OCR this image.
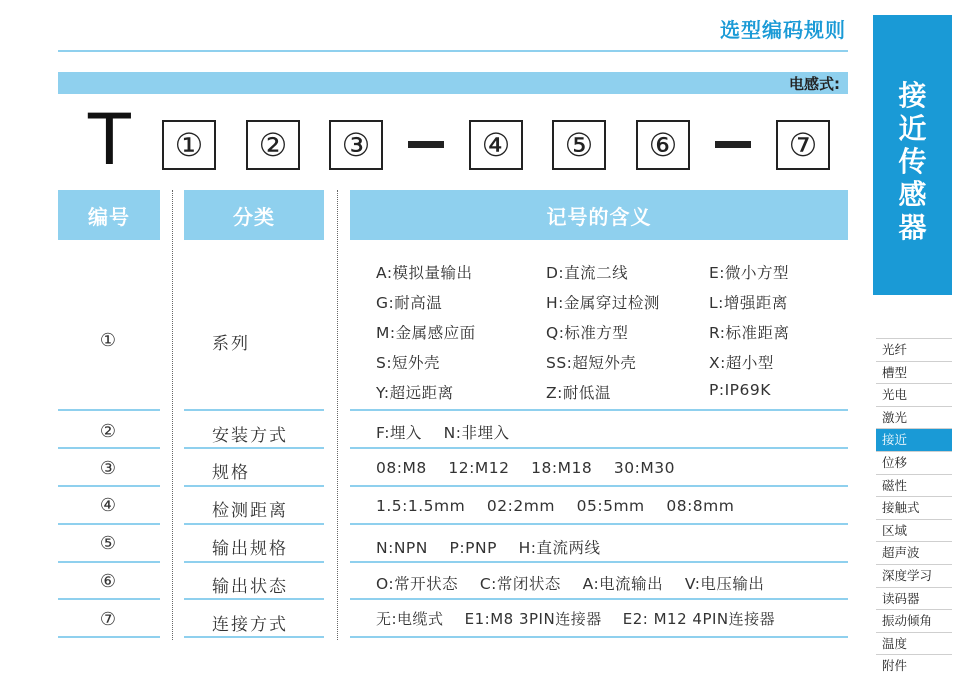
选型编码规则
电感式:
T	①	②	③	④	⑤	⑥	⑦
编号	分类	记号的含义
①	系列
A:模拟量输出	D:直流二线	E:微小方型
G:耐高温	H:金属穿过检测	L:增强距离
M:金属感应面	Q:标准方型	R:标准距离
S:短外壳	SS:超短外壳	X:超小型
Y:超远距离	Z:耐低温	P:IP69K
②	安装方式	F:埋入    N:非埋入
③	规格	08:M8    12:M12    18:M18    30:M30
④	检测距离	1.5:1.5mm    02:2mm    05:5mm    08:8mm
⑤	输出规格	N:NPN    P:PNP    H:直流两线
⑥	输出状态	O:常开状态    C:常闭状态    A:电流输出    V:电压输出
⑦	连接方式	无:电缆式    E1:M8 3PIN连接器    E2: M12 4PIN连接器
接
近
传
感
器
光纤
槽型
光电
激光
接近
位移
磁性
接触式
区域
超声波
深度学习
读码器
振动倾角
温度
附件
